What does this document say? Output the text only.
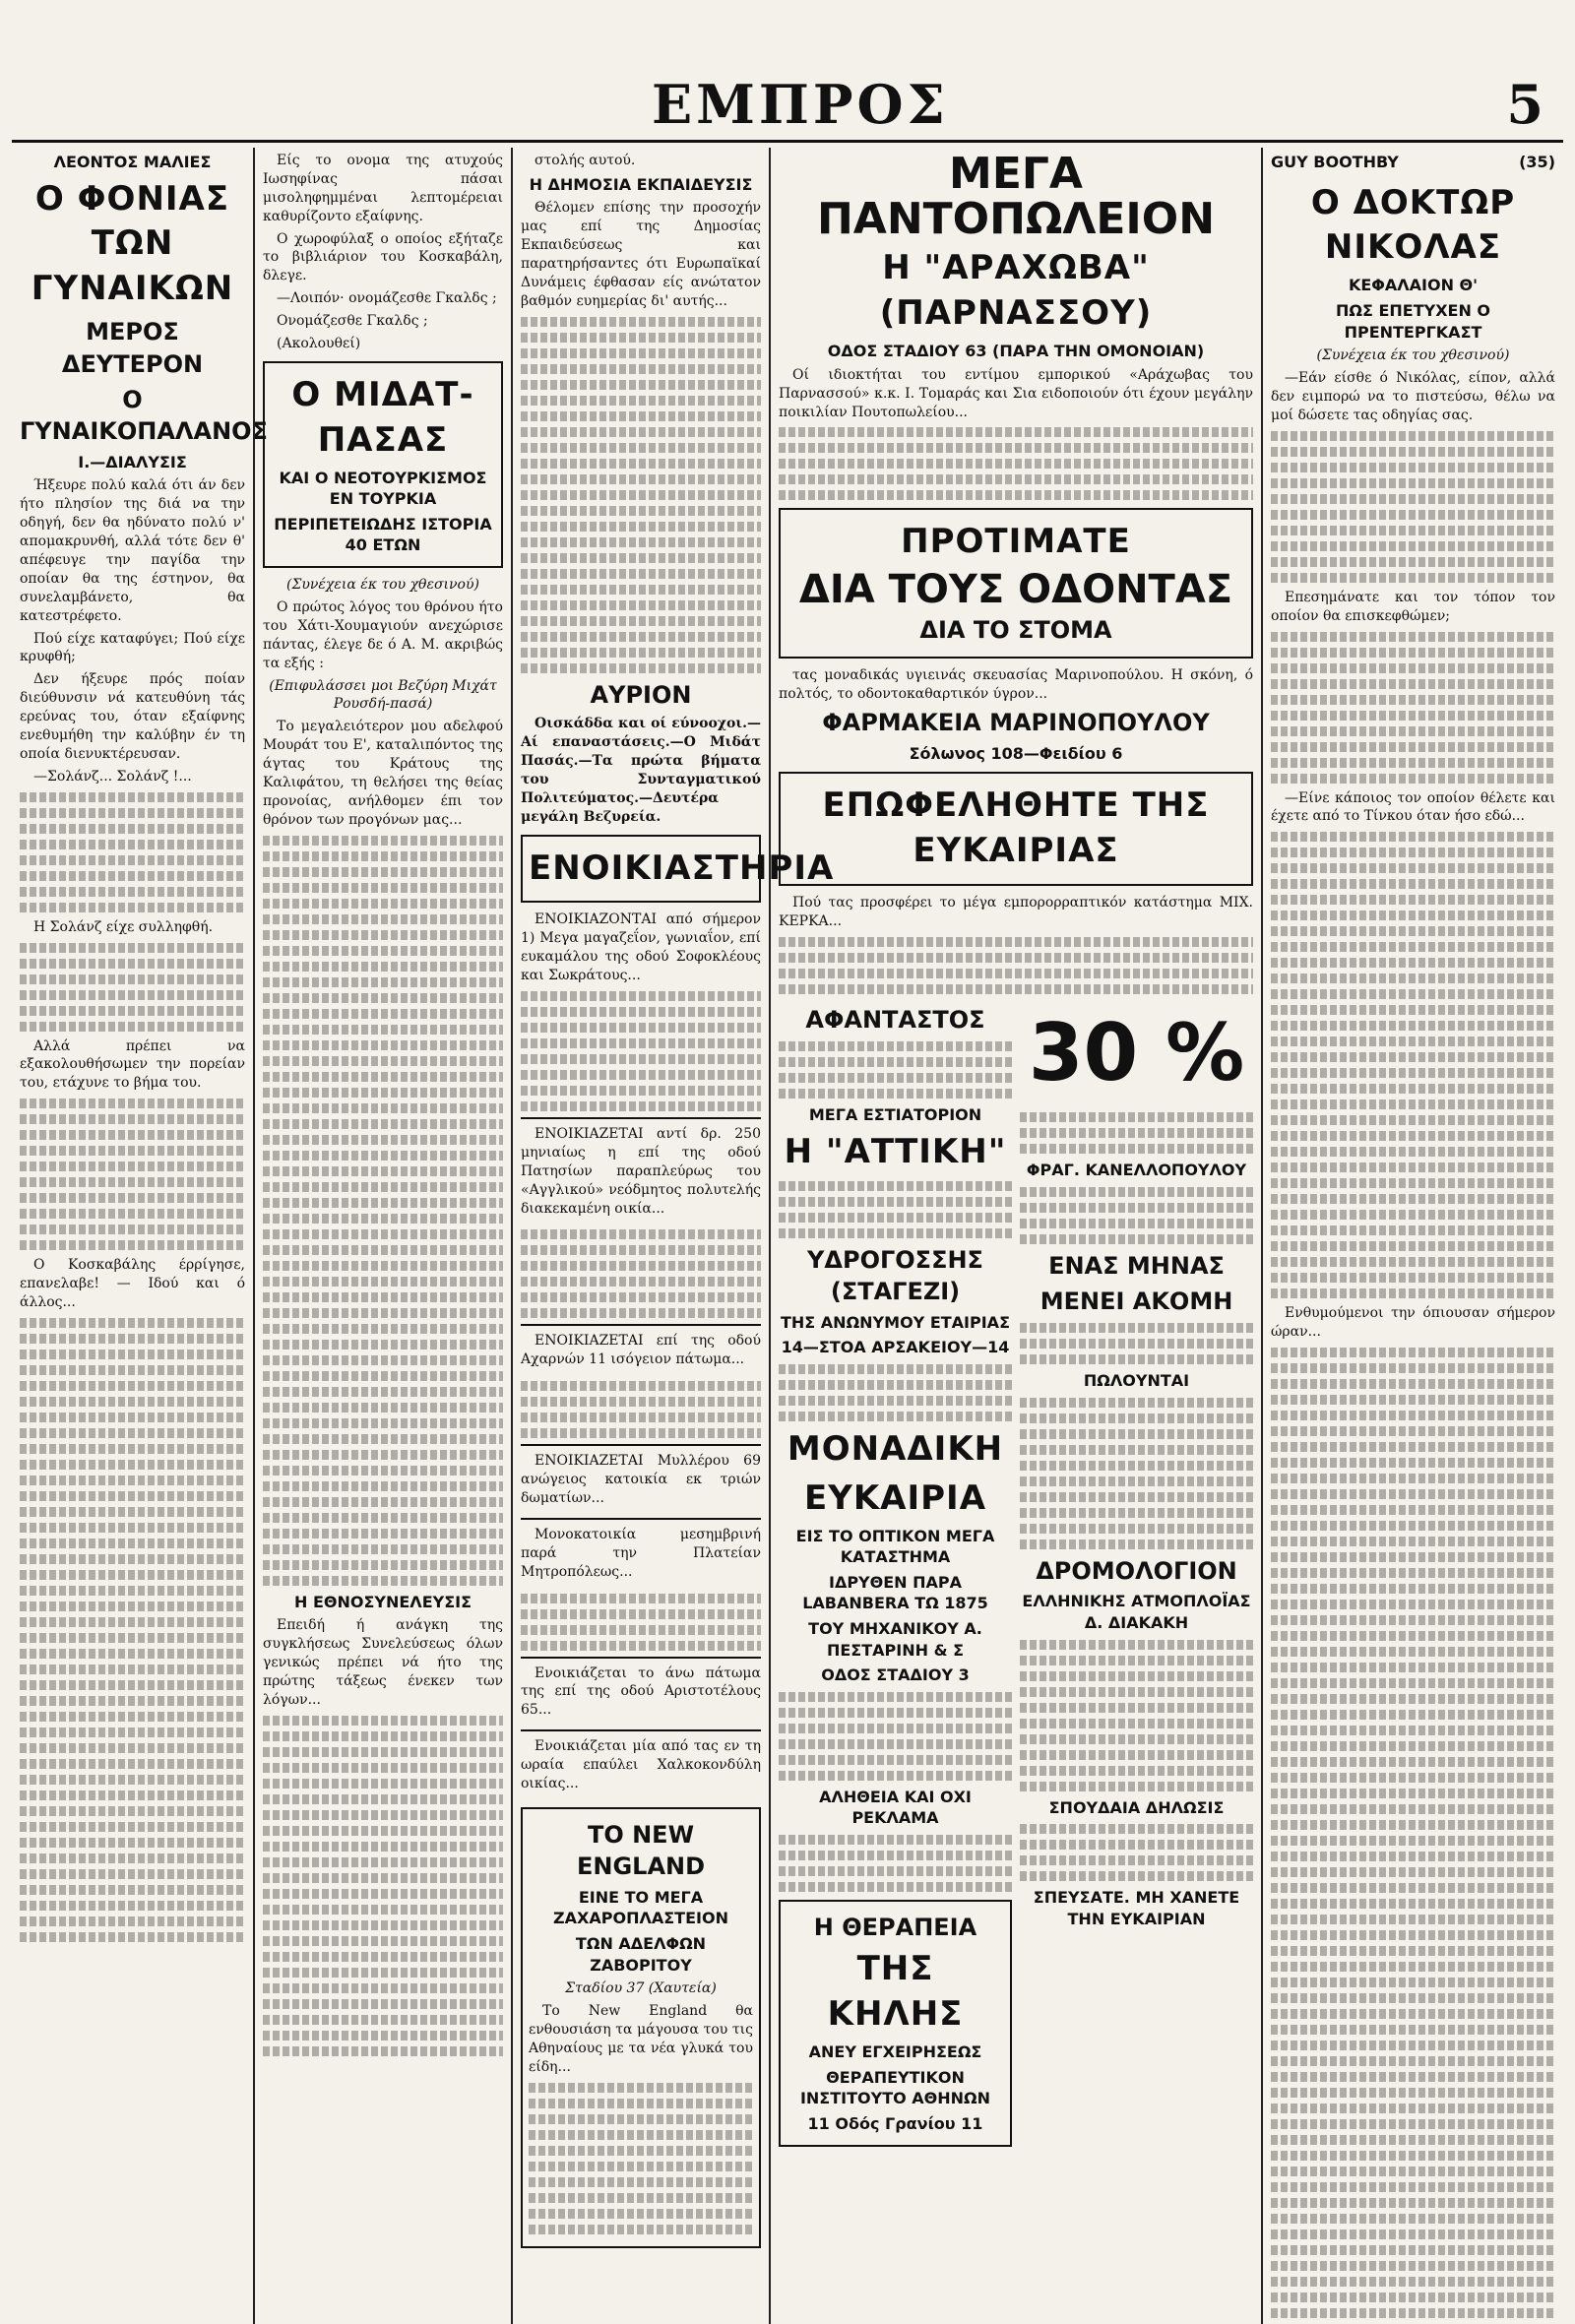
ΕΜΠΡΟΣ	5
ΛΕΟΝΤΟΣ ΜΑΛΙΕΣ
Ο ΦΟΝΙΑΣ ΤΩΝ ΓΥΝΑΙΚΩΝ
ΜΕΡΟΣ ΔΕΥΤΕΡΟΝ
Ο ΓΥΝΑΙΚΟΠΑΛΑΝΟΣ
Ι.—ΔΙΑΛΥΣΙΣ
Ήξευρε πολύ καλά ότι άν δεν ήτο πλησίον της διά να την οδηγή, δεν θα ηδύνατο πολύ ν' απομακρυνθή, αλλά τότε δεν θ' απέφευγε την παγίδα την οποίαν θα της έστηνον, θα συνελαμβάνετο, θα κατεστρέφετο.
Πού είχε καταφύγει; Πού είχε κρυφθή;
Δεν ήξευρε πρός ποίαν διεύθυνσιν νά κατευθύνη τάς ερεύνας του, όταν εξαίφνης ενεθυμήθη την καλύβην έν τη οποία διενυκτέρευσαν.
—Σολάνζ... Σολάνζ !...
Η Σολάνζ είχε συλληφθή.
Αλλά πρέπει να εξακολουθήσωμεν την πορείαν του, ετάχυνε το βήμα του.
Ο Κοσκαβάλης έρρίγησε, επανελαβε! — Ιδού και ό άλλος...
Είς το ονομα της ατυχούς Ιωσηφίνας πάσαι μισοληφημμέναι λεπτομέρειαι καθυρίζοντο εξαίφνης.
Ο χωροφύλαξ ο οποίος εξήταζε το βιβλιάριον του Κοσκαβάλη, δλεγε.
—Λοιπόν· ονομάζεσθε Γκαλδς ;
Ονομάζεσθε Γκαλδς ;
(Ακολουθεί)
Ο ΜΙΔΑΤ-ΠΑΣΑΣ
ΚΑΙ Ο ΝΕΟΤΟΥΡΚΙΣΜΟΣ ΕΝ ΤΟΥΡΚΙΑ
ΠΕΡΙΠΕΤΕΙΩΔΗΣ ΙΣΤΟΡΙΑ 40 ΕΤΩΝ
(Συνέχεια έκ του χθεσινού)
Ο πρώτος λόγος του θρόνου ήτο του Χάτι-Χουμαγιούν ανεχώρισε πάντας, έλεγε δε ό Α. Μ. ακριβώς τα εξής :
(Επιφυλάσσει μοι Βεζύρη Μιχάτ Ρουσδή-πασά)
Το μεγαλειότερον μου αδελφού Μουράτ του Ε', καταλιπόντος της άγτας του Κράτους της Καλιφάτου, τη θελήσει της θείας προνοίας, ανήλθομεν έπι τον θρόνον των προγόνων μας...
Η ΕΘΝΟΣΥΝΕΛΕΥΣΙΣ
Επειδή ή ανάγκη της συγκλήσεως Συνελεύσεως όλων γενικώς πρέπει νά ήτο της πρώτης τάξεως ένεκεν των λόγων...
στολής αυτού.
Η ΔΗΜΟΣΙΑ ΕΚΠΑΙΔΕΥΣΙΣ
Θέλομεν επίσης την προσοχήν μας επί της Δημοσίας Εκπαιδεύσεως και παρατηρήσαντες ότι Ευρωπαϊκαί Δυνάμεις έφθασαν είς ανώτατον βαθμόν ευημερίας δι' αυτής...
ΑΥΡΙΟΝ
Οισκάδδα και οί εύνοοχοι.—Αί επαναστάσεις.—Ο Μιδάτ Πασάς.—Τα πρώτα βήματα του Συνταγματικού Πολιτεύματος.—Δευτέρα μεγάλη Βεζυρεία.
ΕΝΟΙΚΙΑΣΤΗΡΙΑ
ΕΝΟΙΚΙΑΖΟΝΤΑΙ από σήμερον 1) Μεγα μαγαζεΐον, γωνιαΐον, επί ευκαμάλου της οδού Σοφοκλέους και Σωκράτους...
ΕΝΟΙΚΙΑΖΕΤΑΙ αντί δρ. 250 μηνιαίως η επί της οδού Πατησίων παραπλεύρως του «Αγγλικού» νεόδμητος πολυτελής διακεκαμένη οικία...
ΕΝΟΙΚΙΑΖΕΤΑΙ επί της οδού Αχαρνών 11 ισόγειον πάτωμα...
ΕΝΟΙΚΙΑΖΕΤΑΙ Μυλλέρου 69 ανώγειος κατοικία εκ τριών δωματίων...
Μονοκατοικία μεσημβρινή παρά την Πλατείαν Μητροπόλεως...
Ενοικιάζεται το άνω πάτωμα της επί της οδού Αριστοτέλους 65...
Ενοικιάζεται μία από τας εν τη ωραία επαύλει Χαλκοκονδύλη οικίας...
TO NEW ENGLAND
ΕΙΝΕ ΤΟ ΜΕΓΑ ΖΑΧΑΡΟΠΛΑΣΤΕΙΟΝ
ΤΩΝ ΑΔΕΛΦΩΝ ΖΑΒΟΡΙΤΟΥ
Σταδίου 37 (Χαυτεία)
Το New England θα ενθουσιάση τα μάγουσα του τις Αθηναίους με τα νέα γλυκά του είδη...
ΜΕΓΑ ΠΑΝΤΟΠΩΛΕΙΟΝ
Η "ΑΡΑΧΩΒΑ" (ΠΑΡΝΑΣΣΟΥ)
ΟΔΟΣ ΣΤΑΔΙΟΥ 63 (ΠΑΡΑ ΤΗΝ ΟΜΟΝΟΙΑΝ)
Οί ιδιοκτήται του εντίμου εμπορικού «Αράχωβας του Παρνασσού» κ.κ. Ι. Τομαράς και Σια ειδοποιούν ότι έχουν μεγάλην ποικιλίαν Πουτοπωλείου...
ΠΡΟΤΙΜΑΤΕ
ΔΙΑ ΤΟΥΣ ΟΔΟΝΤΑΣ
ΔΙΑ ΤΟ ΣΤΟΜΑ
τας μοναδικάς υγιεινάς σκευασίας Μαρινοπούλου. Η σκόνη, ό πολτός, το οδοντοκαθαρτικόν ύγρον...
ΦΑΡΜΑΚΕΙΑ ΜΑΡΙΝΟΠΟΥΛΟΥ
Σόλωνος 108—Φειδίου 6
ΕΠΩΦΕΛΗΘΗΤΕ ΤΗΣ ΕΥΚΑΙΡΙΑΣ
Πού τας προσφέρει το μέγα εμπορορραπτικόν κατάστημα ΜΙΧ. ΚΕΡΚΑ...
ΑΦΑΝΤΑΣΤΟΣ
ΜΕΓΑ ΕΣΤΙΑΤΟΡΙΟΝ
Η "ΑΤΤΙΚΗ"
ΥΔΡΟΓΟΣΣΗΣ (ΣΤΑΓΕΖΙ)
ΤΗΣ ΑΝΩΝΥΜΟΥ ΕΤΑΙΡΙΑΣ
14—ΣΤΟΑ ΑΡΣΑΚΕΙΟΥ—14
ΜΟΝΑΔΙΚΗ
ΕΥΚΑΙΡΙΑ
ΕΙΣ ΤΟ ΟΠΤΙΚΟΝ ΜΕΓΑ ΚΑΤΑΣΤΗΜΑ
ΙΔΡΥΘΕΝ ΠΑΡΑ LABANBERA ΤΩ 1875
ΤΟΥ ΜΗΧΑΝΙΚΟΥ Α. ΠΕΣΤΑΡΙΝΗ & Σ
ΟΔΟΣ ΣΤΑΔΙΟΥ 3
ΑΛΗΘΕΙΑ ΚΑΙ ΟΧΙ ΡΕΚΛΑΜΑ
Η ΘΕΡΑΠΕΙΑ
ΤΗΣ ΚΗΛΗΣ
ΑΝΕΥ ΕΓΧΕΙΡΗΣΕΩΣ
ΘΕΡΑΠΕΥΤΙΚΟΝ ΙΝΣΤΙΤΟΥΤΟ ΑΘΗΝΩΝ
11 Οδός Γρανίου 11
30 %
ΦΡΑΓ. ΚΑΝΕΛΛΟΠΟΥΛΟΥ
ΕΝΑΣ ΜΗΝΑΣ
ΜΕΝΕΙ ΑΚΟΜΗ
ΠΩΛΟΥΝΤΑΙ
ΔΡΟΜΟΛΟΓΙΟΝ
ΕΛΛΗΝΙΚΗΣ ΑΤΜΟΠΛΟΪΑΣ Δ. ΔΙΑΚΑΚΗ
ΣΠΟΥΔΑΙΑ ΔΗΛΩΣΙΣ
ΣΠΕΥΣΑΤΕ. ΜΗ ΧΑΝΕΤΕ ΤΗΝ ΕΥΚΑΙΡΙΑΝ
GUY BOOTHBY	(35)
Ο ΔΟΚΤΩΡ ΝΙΚΟΛΑΣ
ΚΕΦΑΛΑΙΟΝ Θ'
ΠΩΣ ΕΠΕΤΥΧΕΝ Ο ΠΡΕΝΤΕΡΓΚΑΣΤ
(Συνέχεια έκ του χθεσινού)
—Εάν είσθε ό Νικόλας, είπον, αλλά δεν ειμπορώ να το πιστεύσω, θέλω να μοί δώσετε τας οδηγίας σας.
Επεσημάνατε και τον τόπον τον οποίον θα επισκεφθώμεν;
—Είνε κάποιος τον οποίον θέλετε και έχετε από το Τίνκου όταν ήσο εδώ...
Ενθυμούμενοι την όπιουσαν σήμερον ώραν...
